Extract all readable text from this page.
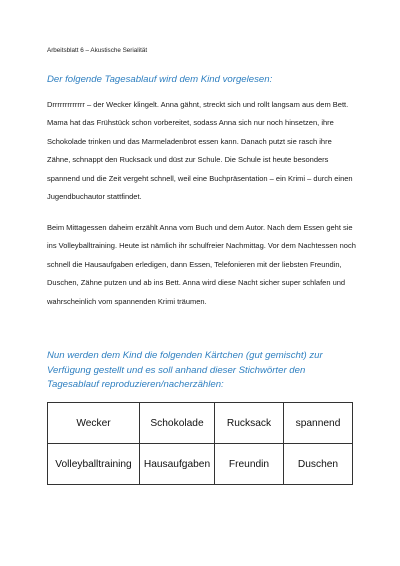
Arbeitsblatt 6 – Akustische Serialität
Der folgende Tagesablauf wird dem Kind vorgelesen:
Drrrrrrrrrrrrr – der Wecker klingelt. Anna gähnt, streckt sich und rollt langsam aus dem Bett. Mama hat das Frühstück schon vorbereitet, sodass Anna sich nur noch hinsetzen, ihre Schokolade trinken und das Marmeladenbrot essen kann. Danach putzt sie rasch ihre Zähne, schnappt den Rucksack und düst zur Schule. Die Schule ist heute besonders spannend und die Zeit vergeht schnell, weil eine Buchpräsentation – ein Krimi – durch einen Jugendbuchautor stattfindet.
Beim Mittagessen daheim erzählt Anna vom Buch und dem Autor. Nach dem Essen geht sie ins Volleyballtraining. Heute ist nämlich ihr schulfreier Nachmittag. Vor dem Nachtessen noch schnell die Hausaufgaben erledigen, dann Essen, Telefonieren mit der liebsten Freundin, Duschen, Zähne putzen und ab ins Bett. Anna wird diese Nacht sicher super schlafen und wahrscheinlich vom spannenden Krimi träumen.
Nun werden dem Kind die folgenden Kärtchen (gut gemischt) zur Verfügung gestellt und es soll anhand dieser Stichwörter den Tagesablauf reproduzieren/nacherzählen:
Wecker	Schokolade	Rucksack	spannend
Volleyballtraining	Hausaufgaben	Freundin	Duschen
